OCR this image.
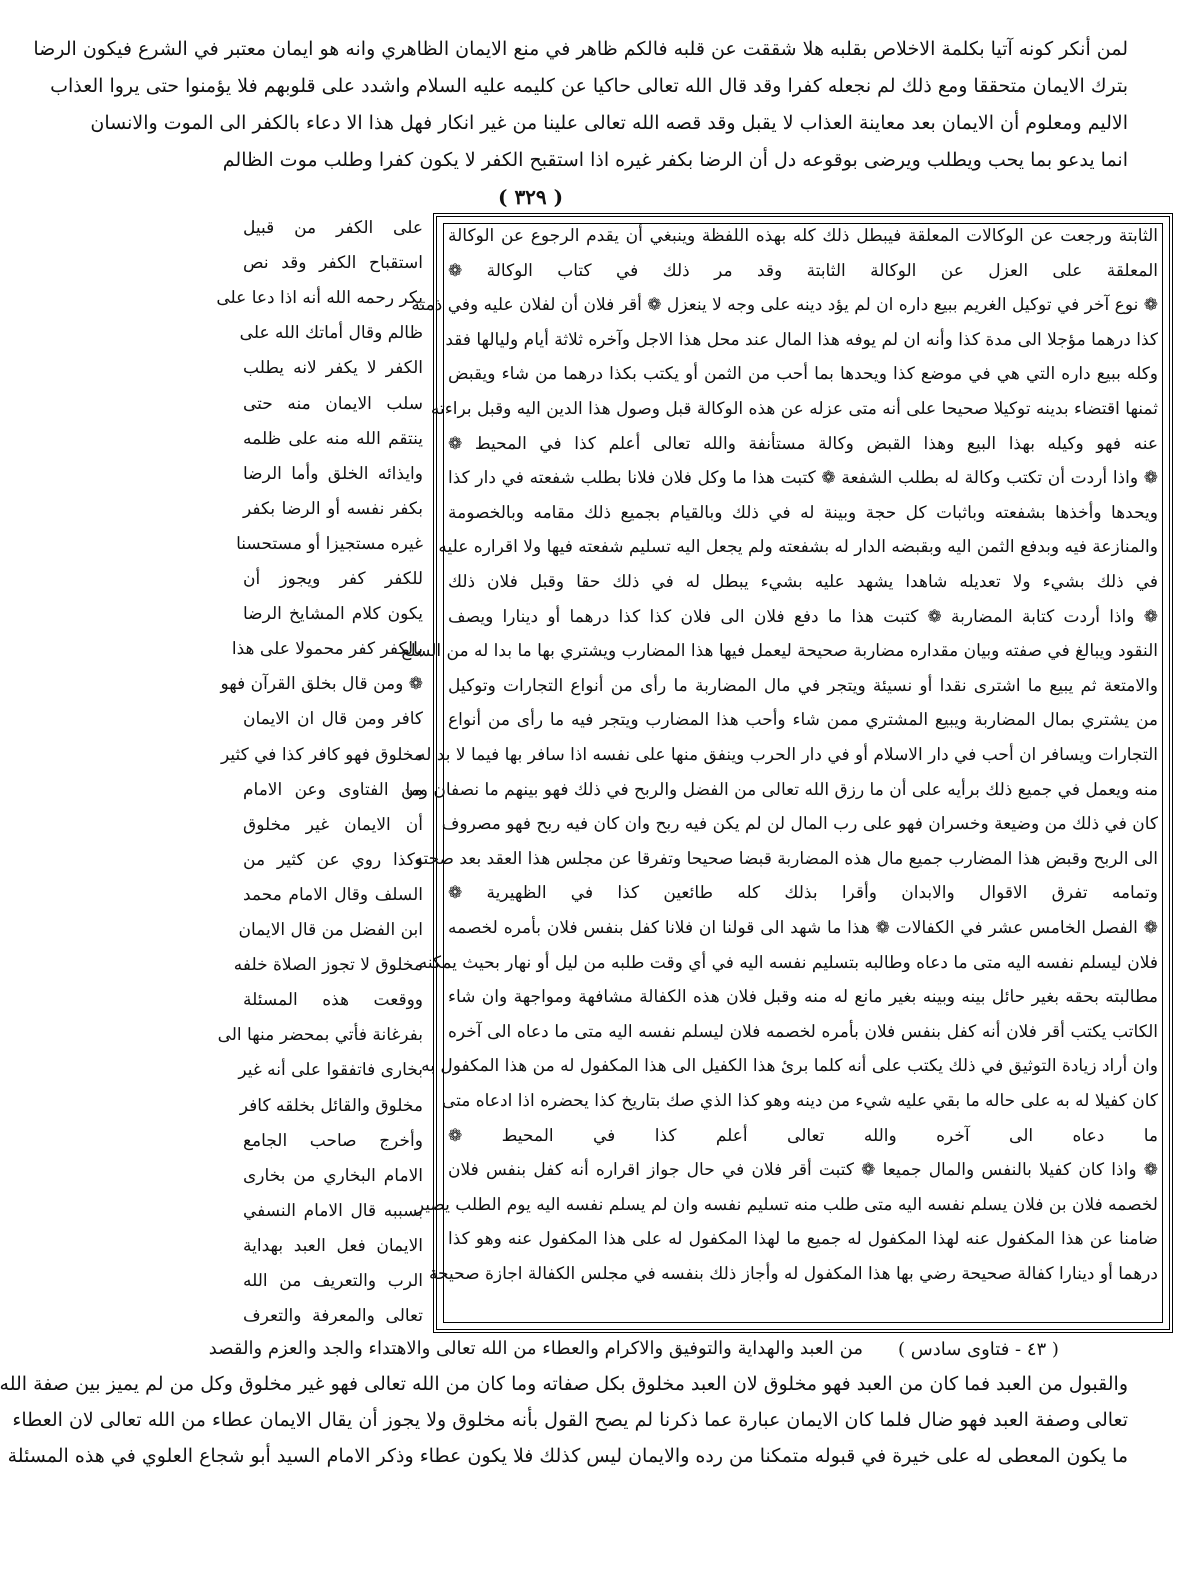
لمن أنكر كونه آتيا بكلمة الاخلاص بقلبه هلا شققت عن قلبه فالكم ظاهر في منع الايمان الظاهري وانه هو ايمان معتبر في الشرع فيكون الرضا
بترك الايمان متحققا ومع ذلك لم نجعله كفرا وقد قال الله تعالى حاكيا عن كليمه عليه السلام واشدد على قلوبهم فلا يؤمنوا حتى يروا العذاب
الاليم ومعلوم أن الايمان بعد معاينة العذاب لا يقبل وقد قصه الله تعالى علينا من غير انكار فهل هذا الا دعاء بالكفر الى الموت والانسان
انما يدعو بما يحب ويطلب ويرضى بوقوعه دل أن الرضا بكفر غيره اذا استقبح الكفر لا يكون كفرا وطلب موت الظالم
( ٣٢٩ )
الثابتة ورجعت عن الوكالات المعلقة فيبطل ذلك كله بهذه اللفظة وينبغي أن يقدم الرجوع عن الوكالة
المعلقة على العزل عن الوكالة الثابتة وقد مر ذلك في كتاب الوكالة ❁
❁ نوع آخر في توكيل الغريم ببيع داره ان لم يؤد دينه على وجه لا ينعزل ❁ أقر فلان أن لفلان عليه وفي ذمته
كذا درهما مؤجلا الى مدة كذا وأنه ان لم يوفه هذا المال عند محل هذا الاجل وآخره ثلاثة أيام وليالها فقد
وكله ببيع داره التي هي في موضع كذا ويحدها بما أحب من الثمن أو يكتب بكذا درهما من شاء ويقبض
ثمنها اقتضاء بدينه توكيلا صحيحا على أنه متى عزله عن هذه الوكالة قبل وصول هذا الدين اليه وقبل براءته
عنه فهو وكيله بهذا البيع وهذا القبض وكالة مستأنفة والله تعالى أعلم كذا في المحيط ❁
❁ واذا أردت أن تكتب وكالة له بطلب الشفعة ❁ كتبت هذا ما وكل فلان فلانا بطلب شفعته في دار كذا
ويحدها وأخذها بشفعته وباثبات كل حجة وبينة له في ذلك وبالقيام بجميع ذلك مقامه وبالخصومة
والمنازعة فيه وبدفع الثمن اليه وبقبضه الدار له بشفعته ولم يجعل اليه تسليم شفعته فيها ولا اقراره عليه
في ذلك بشيء ولا تعديله شاهدا يشهد عليه بشيء يبطل له في ذلك حقا وقبل فلان ذلك
❁ واذا أردت كتابة المضاربة ❁ كتبت هذا ما دفع فلان الى فلان كذا كذا درهما أو دينارا ويصف
النقود ويبالغ في صفته وبيان مقداره مضاربة صحيحة ليعمل فيها هذا المضارب ويشتري بها ما بدا له من السلع
والامتعة ثم يبيع ما اشترى نقدا أو نسيئة ويتجر في مال المضاربة ما رأى من أنواع التجارات وتوكيل
من يشتري بمال المضاربة ويبيع المشتري ممن شاء وأحب هذا المضارب ويتجر فيه ما رأى من أنواع
التجارات ويسافر ان أحب في دار الاسلام أو في دار الحرب وينفق منها على نفسه اذا سافر بها فيما لا بد له
منه ويعمل في جميع ذلك برأيه على أن ما رزق الله تعالى من الفضل والربح في ذلك فهو بينهم ما نصفان وما
كان في ذلك من وضيعة وخسران فهو على رب المال لن لم يكن فيه ربح وان كان فيه ربح فهو مصروف
الى الربح وقبض هذا المضارب جميع مال هذه المضاربة قبضا صحيحا وتفرقا عن مجلس هذا العقد بعد صحته
وتمامه تفرق الاقوال والابدان وأقرا بذلك كله طائعين كذا في الظهيرية ❁
❁ الفصل الخامس عشر في الكفالات ❁ هذا ما شهد الى قولنا ان فلانا كفل بنفس فلان بأمره لخصمه
فلان ليسلم نفسه اليه متى ما دعاه وطالبه بتسليم نفسه اليه في أي وقت طلبه من ليل أو نهار بحيث يمكنه
مطالبته بحقه بغير حائل بينه وبينه بغير مانع له منه وقبل فلان هذه الكفالة مشافهة ومواجهة وان شاء
الكاتب يكتب أقر فلان أنه كفل بنفس فلان بأمره لخصمه فلان ليسلم نفسه اليه متى ما دعاه الى آخره
وان أراد زيادة التوثيق في ذلك يكتب على أنه كلما برئ هذا الكفيل الى هذا المكفول له من هذا المكفول به
كان كفيلا له به على حاله ما بقي عليه شيء من دينه وهو كذا الذي صك بتاريخ كذا يحضره اذا ادعاه متى
ما دعاه الى آخره والله تعالى أعلم كذا في المحيط ❁
❁ واذا كان كفيلا بالنفس والمال جميعا ❁ كتبت أقر فلان في حال جواز اقراره أنه كفل بنفس فلان
لخصمه فلان بن فلان يسلم نفسه اليه متى طلب منه تسليم نفسه وان لم يسلم نفسه اليه يوم الطلب يصير
ضامنا عن هذا المكفول عنه لهذا المكفول له جميع ما لهذا المكفول له على هذا المكفول عنه وهو كذا
درهما أو دينارا كفالة صحيحة رضي بها هذا المكفول له وأجاز ذلك بنفسه في مجلس الكفالة اجازة صحيحة
على الكفر من قبيل
استقباح الكفر وقد نص
بكر رحمه الله أنه اذا دعا على
ظالم وقال أماتك الله على
الكفر لا يكفر لانه يطلب
سلب الايمان منه حتى
ينتقم الله منه على ظلمه
وايذائه الخلق وأما الرضا
بكفر نفسه أو الرضا بكفر
غيره مستجيزا أو مستحسنا
للكفر كفر ويجوز أن
يكون كلام المشايخ الرضا
بالكفر كفر محمولا على هذا
❁ ومن قال بخلق القرآن فهو
كافر ومن قال ان الايمان
مخلوق فهو كافر كذا في كثير
من الفتاوى وعن الامام
أن الايمان غير مخلوق
وكذا روي عن كثير من
السلف وقال الامام محمد
ابن الفضل من قال الايمان
مخلوق لا تجوز الصلاة خلفه
ووقعت هذه المسئلة
بفرغانة فأتي بمحضر منها الى
بخارى فاتفقوا على أنه غير
مخلوق والقائل بخلقه كافر
وأخرج صاحب الجامع
الامام البخاري من بخارى
بسببه قال الامام النسفي
الايمان فعل العبد بهداية
الرب والتعريف من الله
تعالى والمعرفة والتعرف
( ٤٣ - فتاوى سادس )
من العبد والهداية والتوفيق والاكرام والعطاء من الله تعالى والاهتداء والجد والعزم والقصد
والقبول من العبد فما كان من العبد فهو مخلوق لان العبد مخلوق بكل صفاته وما كان من الله تعالى فهو غير مخلوق وكل من لم يميز بين صفة الله
تعالى وصفة العبد فهو ضال فلما كان الايمان عبارة عما ذكرنا لم يصح القول بأنه مخلوق ولا يجوز أن يقال الايمان عطاء من الله تعالى لان العطاء
ما يكون المعطى له على خيرة في قبوله متمكنا من رده والايمان ليس كذلك فلا يكون عطاء وذكر الامام السيد أبو شجاع العلوي في هذه المسئلة
